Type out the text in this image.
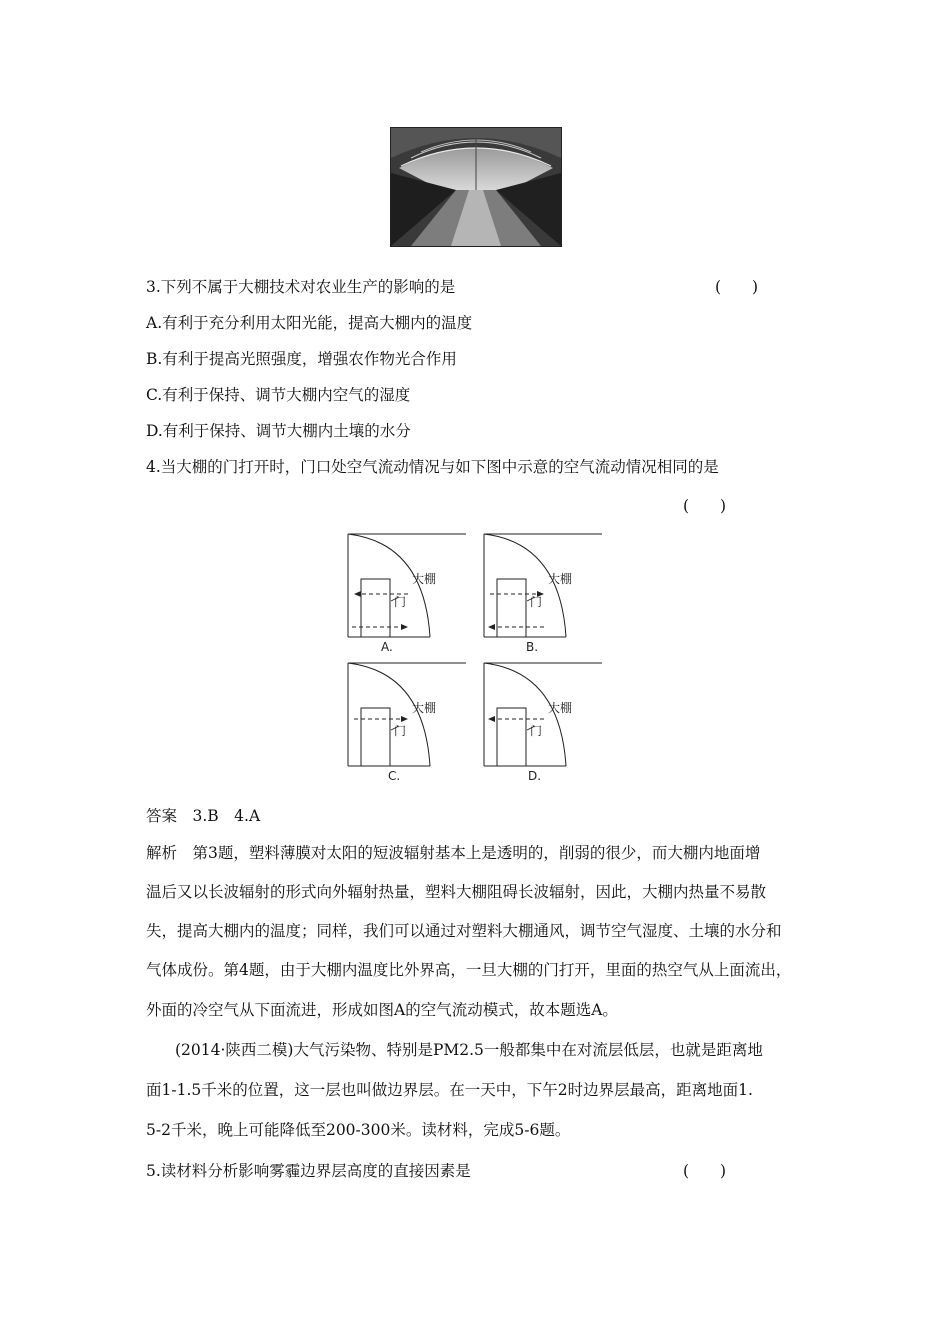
3.下列不属于大棚技术对农业生产的影响的是	(　　)
A.有利于充分利用太阳光能，提高大棚内的温度
B.有利于提高光照强度，增强农作物光合作用
C.有利于保持、调节大棚内空气的湿度
D.有利于保持、调节大棚内土壤的水分
4.当大棚的门打开时，门口处空气流动情况与如下图中示意的空气流动情况相同的是
(　　)
大棚
门
A.
大棚
门
B.
大棚
门
C.
大棚
门
D.
答案　3.B　4.A
解析　第3题，塑料薄膜对太阳的短波辐射基本上是透明的，削弱的很少，而大棚内地面增
温后又以长波辐射的形式向外辐射热量，塑料大棚阻碍长波辐射，因此，大棚内热量不易散
失，提高大棚内的温度；同样，我们可以通过对塑料大棚通风，调节空气湿度、土壤的水分和
气体成份。第4题，由于大棚内温度比外界高，一旦大棚的门打开，里面的热空气从上面流出，
外面的冷空气从下面流进，形成如图A的空气流动模式，故本题选A。
(2014·陕西二模)大气污染物、特别是PM2.5一般都集中在对流层低层，也就是距离地
面1-1.5千米的位置，这一层也叫做边界层。在一天中，下午2时边界层最高，距离地面1.
5-2千米，晚上可能降低至200-300米。读材料，完成5-6题。
5.读材料分析影响雾霾边界层高度的直接因素是	(　　)
